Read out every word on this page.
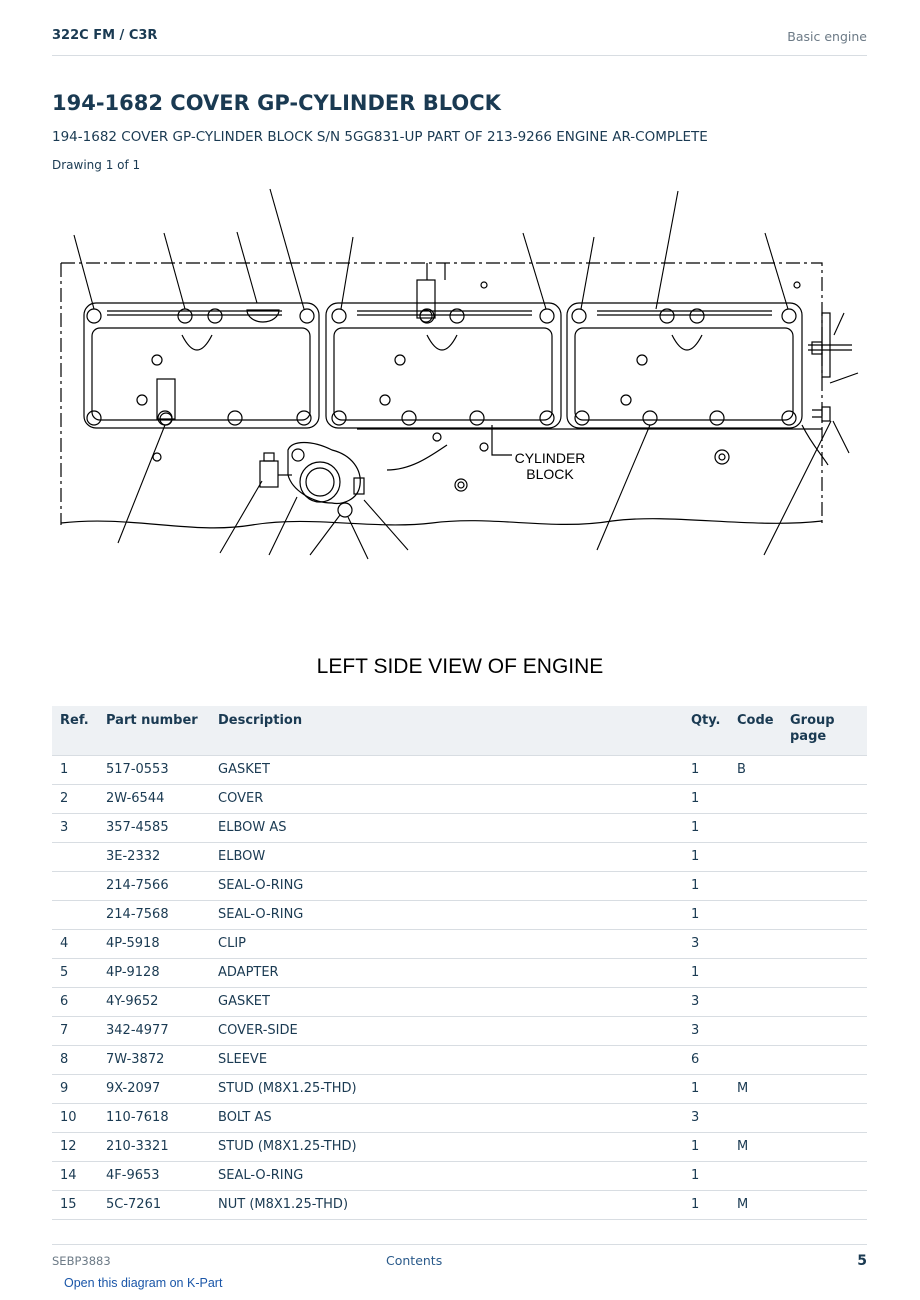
322C FM / C3R	Basic engine
194-1682 COVER GP-CYLINDER BLOCK
194-1682 COVER GP-CYLINDER BLOCK S/N 5GG831-UP PART OF 213-9266 ENGINE AR-COMPLETE
Drawing 1 of 1
CYLINDER
BLOCK
LEFT SIDE VIEW OF ENGINE
Ref.	Part number	Description	Qty.	Code	Group page
1	517-0553	GASKET	1	B	
2	2W-6544	COVER	1		
3	357-4585	ELBOW AS	1		
	3E-2332	ELBOW	1		
	214-7566	SEAL-O-RING	1		
	214-7568	SEAL-O-RING	1		
4	4P-5918	CLIP	3		
5	4P-9128	ADAPTER	1		
6	4Y-9652	GASKET	3		
7	342-4977	COVER-SIDE	3		
8	7W-3872	SLEEVE	6		
9	9X-2097	STUD (M8X1.25-THD)	1	M	
10	110-7618	BOLT AS	3		
12	210-3321	STUD (M8X1.25-THD)	1	M	
14	4F-9653	SEAL-O-RING	1		
15	5C-7261	NUT (M8X1.25-THD)	1	M	
SEBP3883	Contents	5
Open this diagram on K-Part
